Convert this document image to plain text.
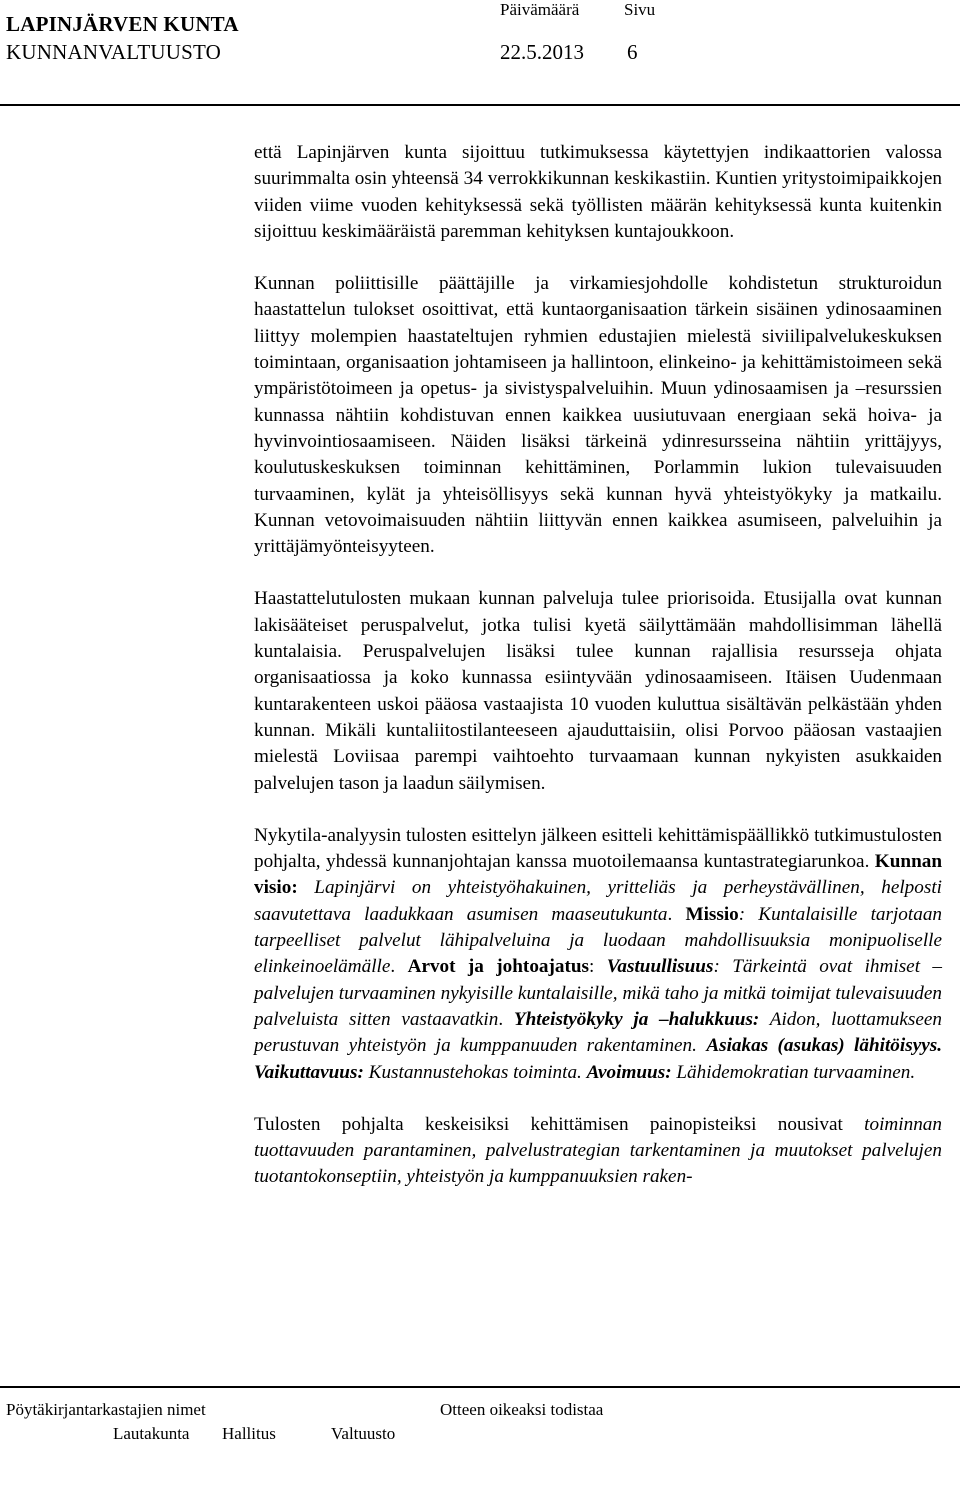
LAPINJÄRVEN KUNTA
KUNNANVALTUUSTO
Päivämäärä	Sivu
22.5.2013 6

että Lapinjärven kunta sijoittuu tutkimuksessa käytettyjen indikaattorien valossa suurimmalta osin yhteensä 34 verrokkikunnan keskikastiin. Kuntien yritystoimipaikkojen viiden viime vuoden kehityksessä sekä työllisten määrän kehityksessä kunta kuitenkin sijoittuu keskimääräistä paremman kehityksen kuntajoukkoon.

Kunnan poliittisille päättäjille ja virkamiesjohdolle kohdistetun strukturoidun haastattelun tulokset osoittivat, että kuntaorganisaation tärkein sisäinen ydinosaaminen liittyy molempien haastateltujen ryhmien edustajien mielestä siviilipalvelukeskuksen toimintaan, organisaation johtamiseen ja hallintoon, elinkeino- ja kehittämistoimeen sekä ympäristötoimeen ja opetus- ja sivistyspalveluihin. Muun ydinosaamisen ja –resurssien kunnassa nähtiin kohdistuvan ennen kaikkea uusiutuvaan energiaan sekä hoiva- ja hyvinvointiosaamiseen. Näiden lisäksi tärkeinä ydinresursseina nähtiin yrittäjyys, koulutuskeskuksen toiminnan kehittäminen, Porlammin lukion tulevaisuuden turvaaminen, kylät ja yhteisöllisyys sekä kunnan hyvä yhteistyökyky ja matkailu. Kunnan vetovoimaisuuden nähtiin liittyvän ennen kaikkea asumiseen, palveluihin ja yrittäjämyönteisyyteen.

Haastattelutulosten mukaan kunnan palveluja tulee priorisoida. Etusijalla ovat kunnan lakisääteiset peruspalvelut, jotka tulisi kyetä säilyttämään mahdollisimman lähellä kuntalaisia. Peruspalvelujen lisäksi tulee kunnan rajallisia resursseja ohjata organisaatiossa ja koko kunnassa esiintyvään ydinosaamiseen. Itäisen Uudenmaan kuntarakenteen uskoi pääosa vastaajista 10 vuoden kuluttua sisältävän pelkästään yhden kunnan. Mikäli kuntaliitostilanteeseen ajauduttaisiin, olisi Porvoo pääosan vastaajien mielestä Loviisaa parempi vaihtoehto turvaamaan kunnan nykyisten asukkaiden palvelujen tason ja laadun säilymisen.

Nykytila-analyysin tulosten esittelyn jälkeen esitteli kehittämispäällikkö tutkimustulosten pohjalta, yhdessä kunnanjohtajan kanssa muotoilemaansa kuntastrategiarunkoa. Kunnan visio: Lapinjärvi on yhteistyöhakuinen, yritteliäs ja perheystävällinen, helposti saavutettava laadukkaan asumisen maaseutukunta. Missio: Kuntalaisille tarjotaan tarpeelliset palvelut lähipalveluina ja luodaan mahdollisuuksia monipuoliselle elinkeinoelämälle. Arvot ja johtoajatus: Vastuullisuus: Tärkeintä ovat ihmiset – palvelujen turvaaminen nykyisille kuntalaisille, mikä taho ja mitkä toimijat tulevaisuuden palveluista sitten vastaavatkin. Yhteistyökyky ja –halukkuus: Aidon, luottamukseen perustuvan yhteistyön ja kumppanuuden rakentaminen. Asiakas (asukas) lähitöisyys. Vaikuttavuus: Kustannustehokas toiminta. Avoimuus: Lähidemokratian turvaaminen.

Tulosten pohjalta keskeisiksi kehittämisen painopisteiksi nousivat toiminnan tuottavuuden parantaminen, palvelustrategian tarkentaminen ja muutokset palvelujen tuotantokonseptiin, yhteistyön ja kumppanuuksien raken-

Pöytäkirjantarkastajien nimet	Otteen oikeaksi todistaa
Lautakunta Hallitus	Valtuusto
